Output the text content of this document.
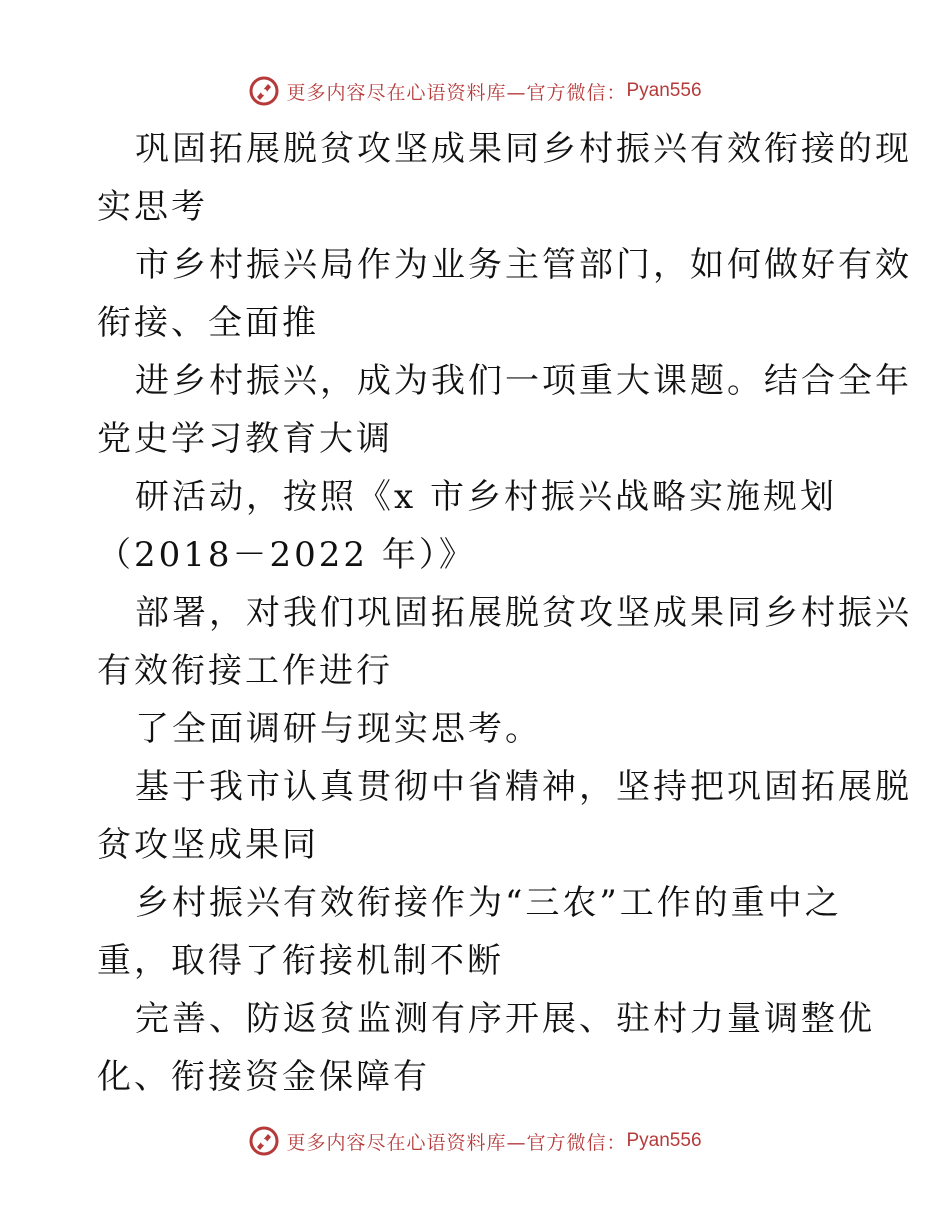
更多内容尽在心语资料库—官方微信： Pyan556
巩固拓展脱贫攻坚成果同乡村振兴有效衔接的现
实思考
市乡村振兴局作为业务主管部门，如何做好有效
衔接、全面推
进乡村振兴，成为我们一项重大课题。结合全年
党史学习教育大调
研活动，按照《x 市乡村振兴战略实施规划
（2018－2022 年）》
部署，对我们巩固拓展脱贫攻坚成果同乡村振兴
有效衔接工作进行
了全面调研与现实思考。
基于我市认真贯彻中省精神，坚持把巩固拓展脱
贫攻坚成果同
乡村振兴有效衔接作为“三农”工作的重中之
重，取得了衔接机制不断
完善、防返贫监测有序开展、驻村力量调整优
化、衔接资金保障有
更多内容尽在心语资料库—官方微信： Pyan556
